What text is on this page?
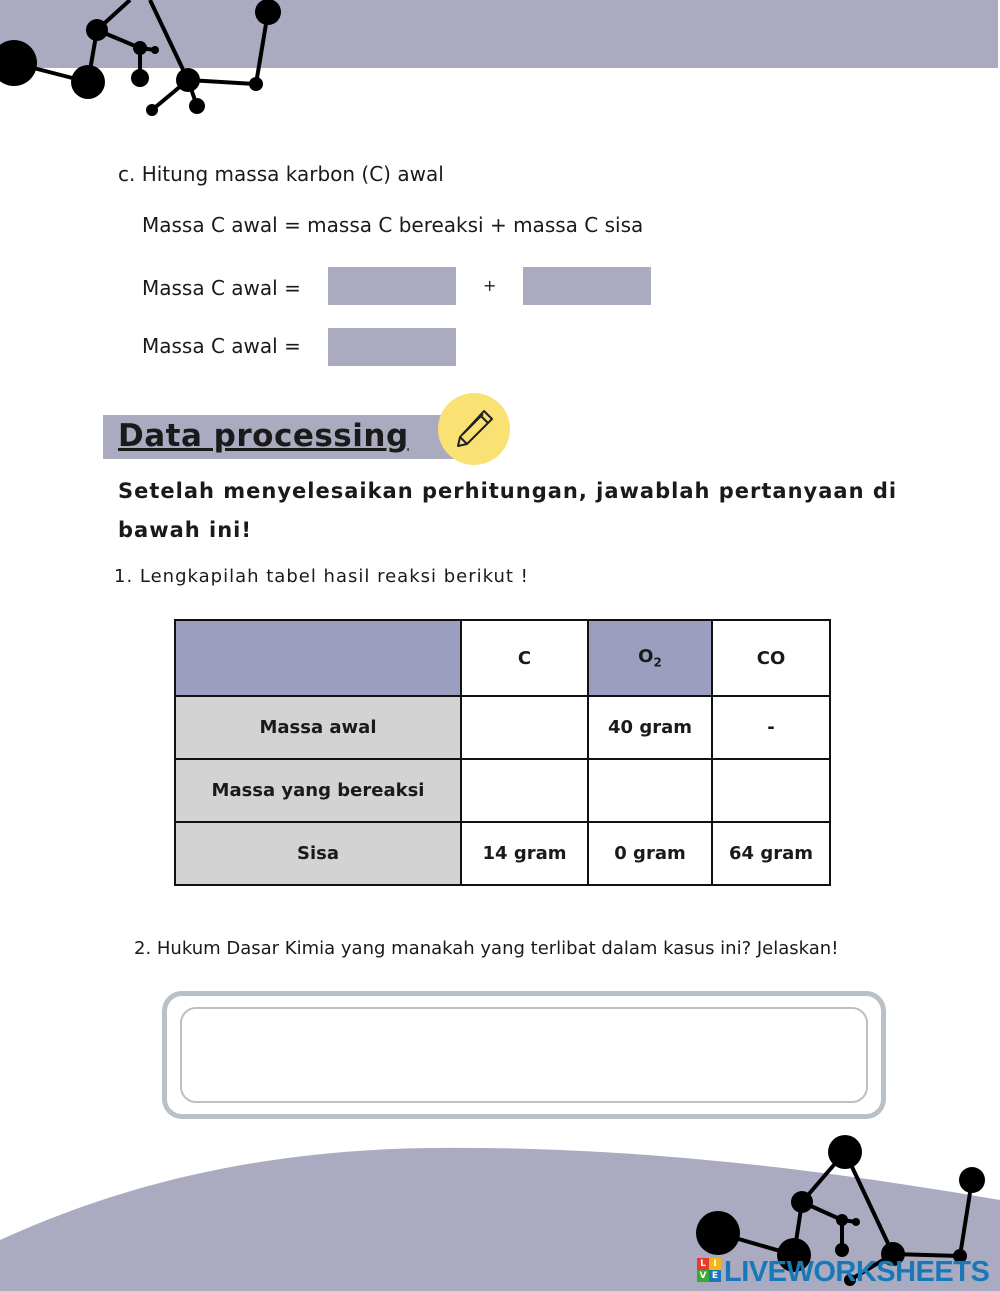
c. Hitung massa karbon (C) awal
Massa C awal = massa C bereaksi + massa C sisa
Massa C awal =	+
Massa C awal =
Data processing
Setelah menyelesaikan perhitungan, jawablah pertanyaan di bawah ini!
1. Lengkapilah tabel hasil reaksi berikut !
	C	$O_2$	CO
Massa awal		40 gram	-
Massa yang bereaksi			
Sisa	14 gram	0 gram	64 gram
2. Hukum Dasar Kimia yang manakah yang terlibat dalam kasus ini? Jelaskan!
L I
V E LIVEWORKSHEETS
